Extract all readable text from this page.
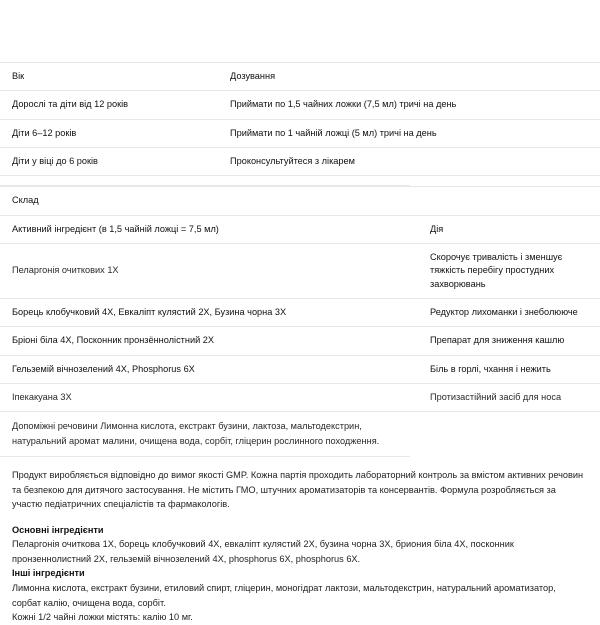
Вік	Дозування
Дорослі та діти від 12 років	Приймати по 1,5 чайних ложки (7,5 мл) тричі на день
Діти 6–12 років	Приймати по 1 чайній ложці (5 мл) тричі на день
Діти у віці до 6 років	Проконсультуйтеся з лікарем
Склад	
Активний інгредієнт (в 1,5 чайній ложці = 7,5 мл)	Дія
Пеларгонія очиткових 1X	Скорочує тривалість і зменшує тяжкість перебігу простудних захворювань
Борець клобучковий 4X, Евкаліпт кулястий 2X, Бузина чорна 3X	Редуктор лихоманки і знеболююче
Бріоні біла 4X, Посконник пронзённолістний 2X	Препарат для зниження кашлю
Гельземій вічнозелений 4X, Phosphorus 6X	Біль в горлі, чхання і нежить
Іпекакуана 3X	Протизастійний засіб для носа
Допоміжні речовини Лимонна кислота, екстракт бузини, лактоза, мальтодекстрин, натуральний аромат малини, очищена вода, сорбіт, гліцерин рослинного походження.	

Продукт виробляється відповідно до вимог якості GMP. Кожна партія проходить лабораторний контроль за вмістом активних речовин та безпекою для дитячого застосування. Не містить ГМО, штучних ароматизаторів та консервантів. Формула розробляється за участю педіатричних спеціалістів та фармакологів.

Основні інгредієнти

Пеларгонія очиткова 1X, борець клобучковий 4X, евкаліпт кулястий 2X, бузина чорна 3X, бриония біла 4X, посконник пронзеннолистний 2X, гельземій вічнозелений 4X, phosphorus 6X, phosphorus 6X.

Інші інгредієнти

Лимонна кислота, екстракт бузини, етиловий спирт, гліцерин, моногідрат лактози, мальтодекстрин, натуральний ароматизатор, сорбат калію, очищена вода, сорбіт.

Кожні 1/2 чайні ложки містять: калію 10 мг.
